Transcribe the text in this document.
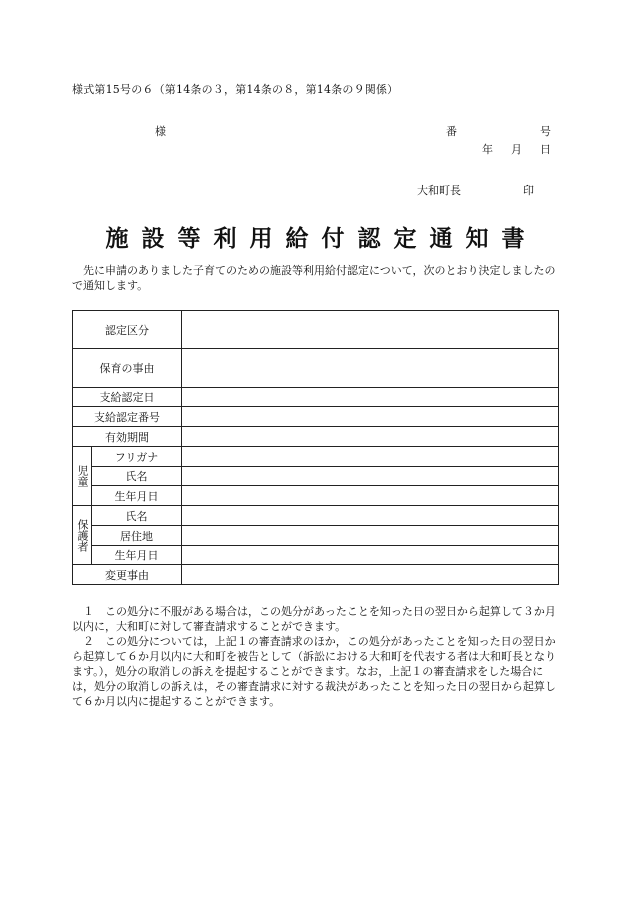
様式第15号の６（第14条の３，第14条の８，第14条の９関係）
様	番	号
年	月	日
大和町長	印
施設等利用給付認定通知書
先に申請のありました子育てのための施設等利用給付認定について，次のとおり決定しましたので通知します。
認定区分		
保育の事由		
支給認定日		
支給認定番号		
有効期間		

児童	フリガナ	
	氏名	
	生年月日	

保護者	氏名	
	居住地	
	生年月日	
変更事由		

１　この処分に不服がある場合は，この処分があったことを知った日の翌日から起算して３か月以内に，大和町に対して審査請求することができます。

２　この処分については，上記１の審査請求のほか，この処分があったことを知った日の翌日から起算して６か月以内に大和町を被告として（訴訟における大和町を代表する者は大和町長となります。），処分の取消しの訴えを提起することができます。なお，上記１の審査請求をした場合には，処分の取消しの訴えは，その審査請求に対する裁決があったことを知った日の翌日から起算して６か月以内に提起することができます。
